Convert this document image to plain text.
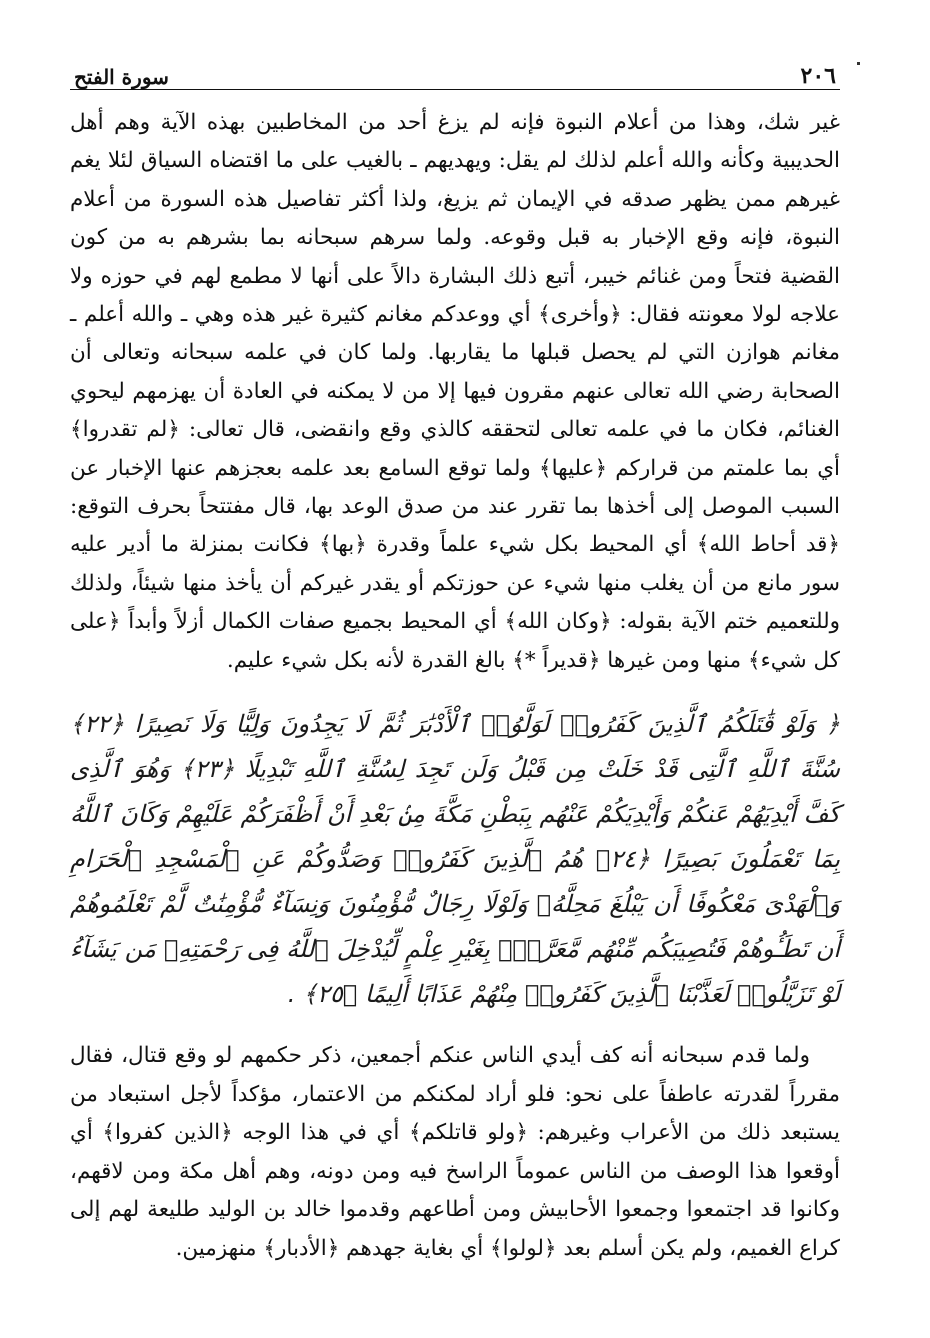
٢٠٦
سورة الفتح

غير شك، وهذا من أعلام النبوة فإنه لم يزغ أحد من المخاطبين بهذه الآية وهم أهل الحديبية وكأنه والله أعلم لذلك لم يقل: ويهديهم ـ بالغيب على ما اقتضاه السياق لئلا يغم غيرهم ممن يظهر صدقه في الإيمان ثم يزيغ، ولذا أكثر تفاصيل هذه السورة من أعلام النبوة، فإنه وقع الإخبار به قبل وقوعه. ولما سرهم سبحانه بما بشرهم به من كون القضية فتحاً ومن غنائم خيبر، أتبع ذلك البشارة دالاً على أنها لا مطمع لهم في حوزه ولا علاجه لولا معونته فقال: ﴿وأخرى﴾ أي ووعدكم مغانم كثيرة غير هذه وهي ـ والله أعلم ـ مغانم هوازن التي لم يحصل قبلها ما يقاربها. ولما كان في علمه سبحانه وتعالى أن الصحابة رضي الله تعالى عنهم مقرون فيها إلا من لا يمكنه في العادة أن يهزمهم ليحوي الغنائم، فكان ما في علمه تعالى لتحققه كالذي وقع وانقضى، قال تعالى: ﴿لم تقدروا﴾ أي بما علمتم من قراركم ﴿عليها﴾ ولما توقع السامع بعد علمه بعجزهم عنها الإخبار عن السبب الموصل إلى أخذها بما تقرر عند من صدق الوعد بها، قال مفتتحاً بحرف التوقع: ﴿قد أحاط الله﴾ أي المحيط بكل شيء علماً وقدرة ﴿بها﴾ فكانت بمنزلة ما أدير عليه سور مانع من أن يغلب منها شيء عن حوزتكم أو يقدر غيركم أن يأخذ منها شيئاً، ولذلك وللتعميم ختم الآية بقوله: ﴿وكان الله﴾ أي المحيط بجميع صفات الكمال أزلاً وأبداً ﴿على كل شيء﴾ منها ومن غيرها ﴿قديراً *﴾ بالغ القدرة لأنه بكل شيء عليم.

﴿ وَلَوْ قَٰتَلَكُمُ ٱلَّذِينَ كَفَرُوا۟ لَوَلَّوُا۟ ٱلْأَدْبَٰرَ ثُمَّ لَا يَجِدُونَ وَلِيًّا وَلَا نَصِيرًا ﴿٢٢﴾ سُنَّةَ ٱللَّهِ ٱلَّتِى قَدْ خَلَتْ مِن قَبْلُ وَلَن تَجِدَ لِسُنَّةِ ٱللَّهِ تَبْدِيلًا ﴿٢٣﴾ وَهُوَ ٱلَّذِى كَفَّ أَيْدِيَهُمْ عَنكُمْ وَأَيْدِيَكُمْ عَنْهُم بِبَطْنِ مَكَّةَ مِنۢ بَعْدِ أَنْ أَظْفَرَكُمْ عَلَيْهِمْ وَكَانَ ٱللَّهُ بِمَا تَعْمَلُونَ بَصِيرًا ﴿٢٤﴾ هُمُ ٱلَّذِينَ كَفَرُوا۟ وَصَدُّوكُمْ عَنِ ٱلْمَسْجِدِ ٱلْحَرَامِ وَٱلْهَدْىَ مَعْكُوفًا أَن يَبْلُغَ مَحِلَّهُۥ وَلَوْلَا رِجَالٌ مُّؤْمِنُونَ وَنِسَآءٌ مُّؤْمِنَٰتٌ لَّمْ تَعْلَمُوهُمْ أَن تَطَـُٔوهُمْ فَتُصِيبَكُم مِّنْهُم مَّعَرَّةٌۢ بِغَيْرِ عِلْمٍ لِّيُدْخِلَ ٱللَّهُ فِى رَحْمَتِهِۦ مَن يَشَآءُ لَوْ تَزَيَّلُوا۟ لَعَذَّبْنَا ٱلَّذِينَ كَفَرُوا۟ مِنْهُمْ عَذَابًا أَلِيمًا ﴿٢٥﴾ .

ولما قدم سبحانه أنه كف أيدي الناس عنكم أجمعين، ذكر حكمهم لو وقع قتال، فقال مقرراً لقدرته عاطفاً على نحو: فلو أراد لمكنكم من الاعتمار، مؤكداً لأجل استبعاد من يستبعد ذلك من الأعراب وغيرهم: ﴿ولو قاتلكم﴾ أي في هذا الوجه ﴿الذين كفروا﴾ أي أوقعوا هذا الوصف من الناس عموماً الراسخ فيه ومن دونه، وهم أهل مكة ومن لاقهم، وكانوا قد اجتمعوا وجمعوا الأحابيش ومن أطاعهم وقدموا خالد بن الوليد طليعة لهم إلى كراع الغميم، ولم يكن أسلم بعد ﴿لولوا﴾ أي بغاية جهدهم ﴿الأدبار﴾ منهزمين.
